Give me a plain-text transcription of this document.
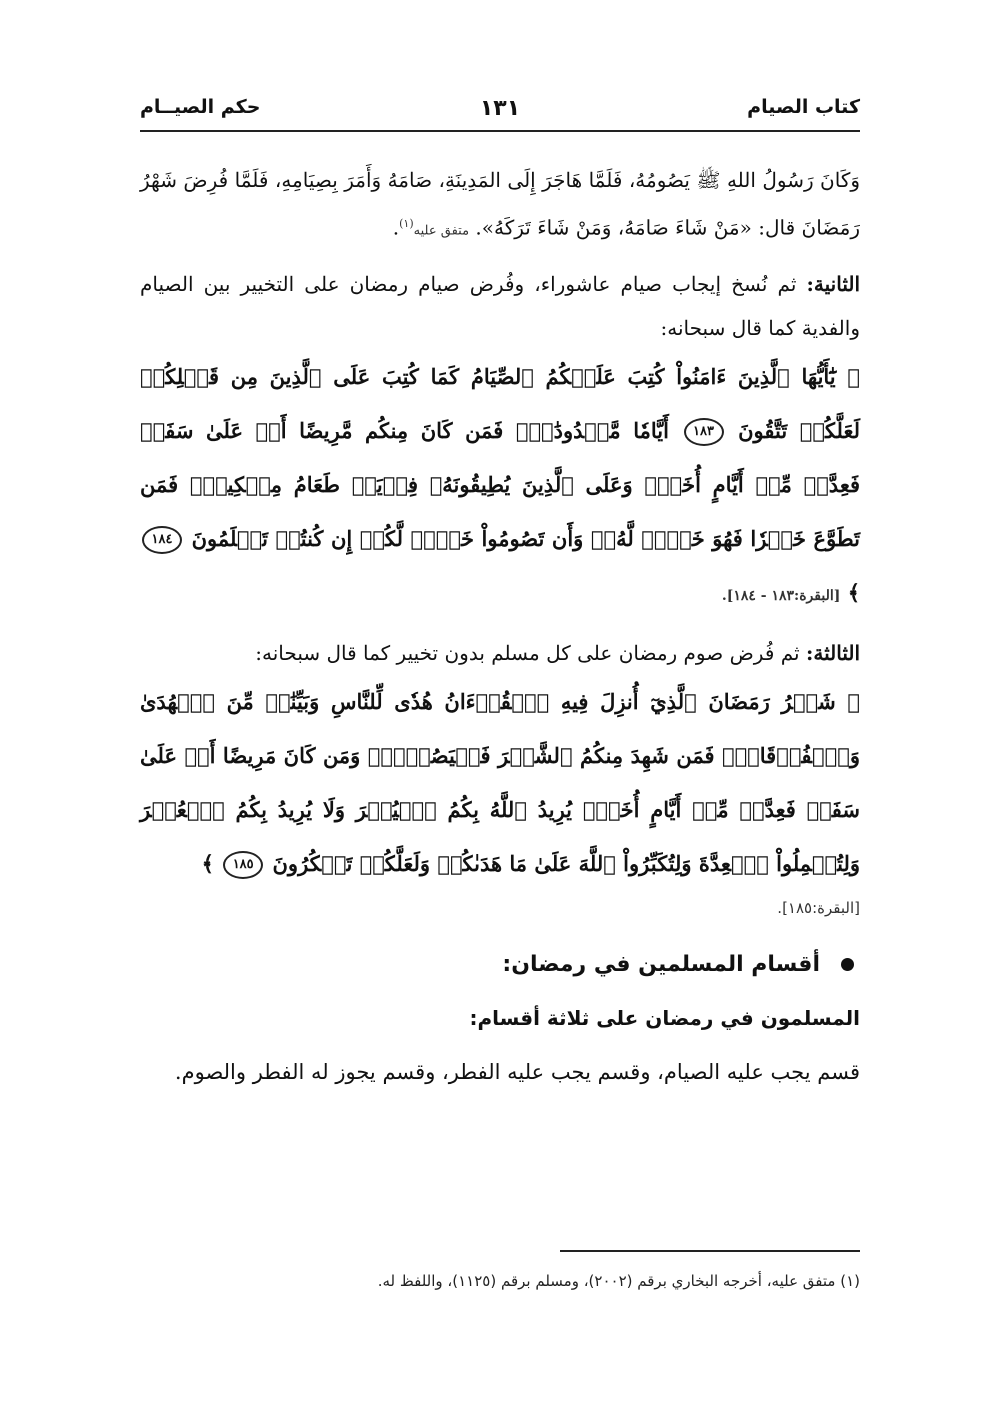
كتاب الصيام
١٣١
حكم الصيــام

وَكَانَ رَسُولُ اللهِ ﷺ يَصُومُهُ، فَلَمَّا هَاجَرَ إِلَى المَدِينَةِ، صَامَهُ وَأَمَرَ بِصِيَامِهِ، فَلَمَّا فُرِضَ شَهْرُ رَمَضَانَ قال: «مَنْ شَاءَ صَامَهُ، وَمَنْ شَاءَ تَرَكَهُ». متفق عليه$^{(١)}$.

الثانية: ثم نُسخ إيجاب صيام عاشوراء، وفُرض صيام رمضان على التخيير بين الصيام والفدية كما قال سبحانه:

﴿ يَٰٓأَيُّهَا ٱلَّذِينَ ءَامَنُواْ كُتِبَ عَلَيۡكُمُ ٱلصِّيَامُ كَمَا كُتِبَ عَلَى ٱلَّذِينَ مِن قَبۡلِكُمۡ لَعَلَّكُمۡ تَتَّقُونَ ١٨٣ أَيَّامٗا مَّعۡدُودَٰتٖۚ فَمَن كَانَ مِنكُم مَّرِيضًا أَوۡ عَلَىٰ سَفَرٖ فَعِدَّةٞ مِّنۡ أَيَّامٍ أُخَرَۚ وَعَلَى ٱلَّذِينَ يُطِيقُونَهُۥ فِدۡيَةٞ طَعَامُ مِسۡكِينٖۖ فَمَن تَطَوَّعَ خَيۡرٗا فَهُوَ خَيۡرٞ لَّهُۥۚ وَأَن تَصُومُواْ خَيۡرٞ لَّكُمۡ إِن كُنتُمۡ تَعۡلَمُونَ ١٨٤ ﴾ [البقرة:١٨٣ - ١٨٤].

الثالثة: ثم فُرض صوم رمضان على كل مسلم بدون تخيير كما قال سبحانه:

﴿ شَهۡرُ رَمَضَانَ ٱلَّذِيٓ أُنزِلَ فِيهِ ٱلۡقُرۡءَانُ هُدٗى لِّلنَّاسِ وَبَيِّنَٰتٖ مِّنَ ٱلۡهُدَىٰ وَٱلۡفُرۡقَانِۚ فَمَن شَهِدَ مِنكُمُ ٱلشَّهۡرَ فَلۡيَصُمۡهُۖ وَمَن كَانَ مَرِيضًا أَوۡ عَلَىٰ سَفَرٖ فَعِدَّةٞ مِّنۡ أَيَّامٍ أُخَرَۗ يُرِيدُ ٱللَّهُ بِكُمُ ٱلۡيُسۡرَ وَلَا يُرِيدُ بِكُمُ ٱلۡعُسۡرَ وَلِتُكۡمِلُواْ ٱلۡعِدَّةَ وَلِتُكَبِّرُواْ ٱللَّهَ عَلَىٰ مَا هَدَىٰكُمۡ وَلَعَلَّكُمۡ تَشۡكُرُونَ ١٨٥ ﴾

[البقرة:١٨٥].

أقسام المسلمين في رمضان:
المسلمون في رمضان على ثلاثة أقسام:
قسم يجب عليه الصيام، وقسم يجب عليه الفطر، وقسم يجوز له الفطر والصوم.
(١) متفق عليه، أخرجه البخاري برقم (٢٠٠٢)، ومسلم برقم (١١٢٥)، واللفظ له.
